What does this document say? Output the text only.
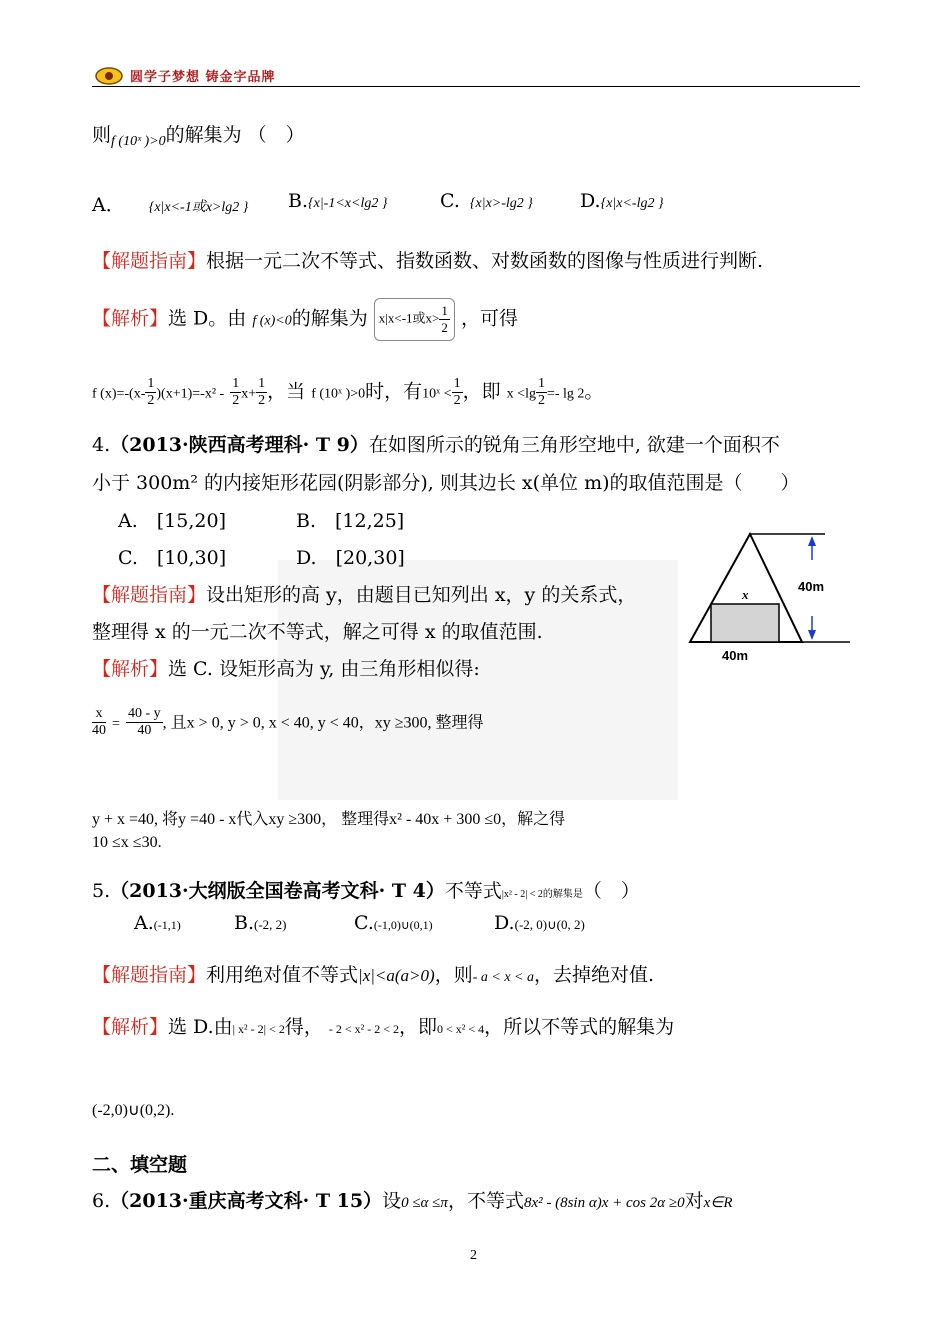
圆学子梦想 铸金字品牌
则$_{f (10ˣ )>0}$的解集为 （　）
A． {x|x<-1或x>lg2 } B.{x|-1<x<lg2 }	C. {x|x>-lg2 } D.{x|x<-lg2 }
【解题指南】根据一元二次不等式、指数函数、对数函数的图像与性质进行判断.
【解析】选 D。由 f (x)<0的解集为 x|x<-1或$x> \frac{1}{2}$ ，可得
f $(x)=-(x- \frac{1}{2} )(x+1)=-x^2 - \frac{1}{2} x+ \frac{1}{2}$ ，当 f (10ˣ )>0时，有10ˣ < $\frac{1}{2}$ ，即 $x <\lg \frac{1}{2} =- \lg 2$。
4.（2013·陕西高考理科· T 9）在如图所示的锐角三角形空地中, 欲建一个面积不
小于 300m² 的内接矩形花园(阴影部分), 则其边长 x(单位 m)的取值范围是（　　）
A.　[15,20]	B.　[12,25]
C.　[10,30]	D.　[20,30]
x
40m
40m
【解题指南】设出矩形的高 y，由题目已知列出 x，y 的关系式，
整理得 x 的一元二次不等式，解之可得 x 的取值范围.
【解析】选 C. 设矩形高为 y, 由三角形相似得:
$\frac{x}{40} = \frac{40 - y}{40}$ , 且x > 0, y > 0, x < 40, y < 40，xy ≥300, 整理得
y + x =40, 将y =40 - x代入xy ≥300， 整理得x² - 40x + 300 ≤0，解之得
10 ≤x ≤30.
5.（2013·大纲版全国卷高考文科· T 4）不等式|x² - 2| < 2的解集是（　）
A.(-1,1)	B.(-2, 2)	C.(-1,0)∪(0,1)	D.(-2, 0)∪(0, 2)
【解题指南】利用绝对值不等式|x|<a(a>0)，则- a < x < a，去掉绝对值.
【解析】选 D.由| x² - 2| < 2得， - 2 < x² - 2 < 2，即0 < x² < 4，所以不等式的解集为
(-2,0)∪(0,2).
二、填空题
6.（2013·重庆高考文科· T 15）设0 ≤α ≤π，不等式8x² - (8sin α)x + cos 2α ≥0对x∈R
2
